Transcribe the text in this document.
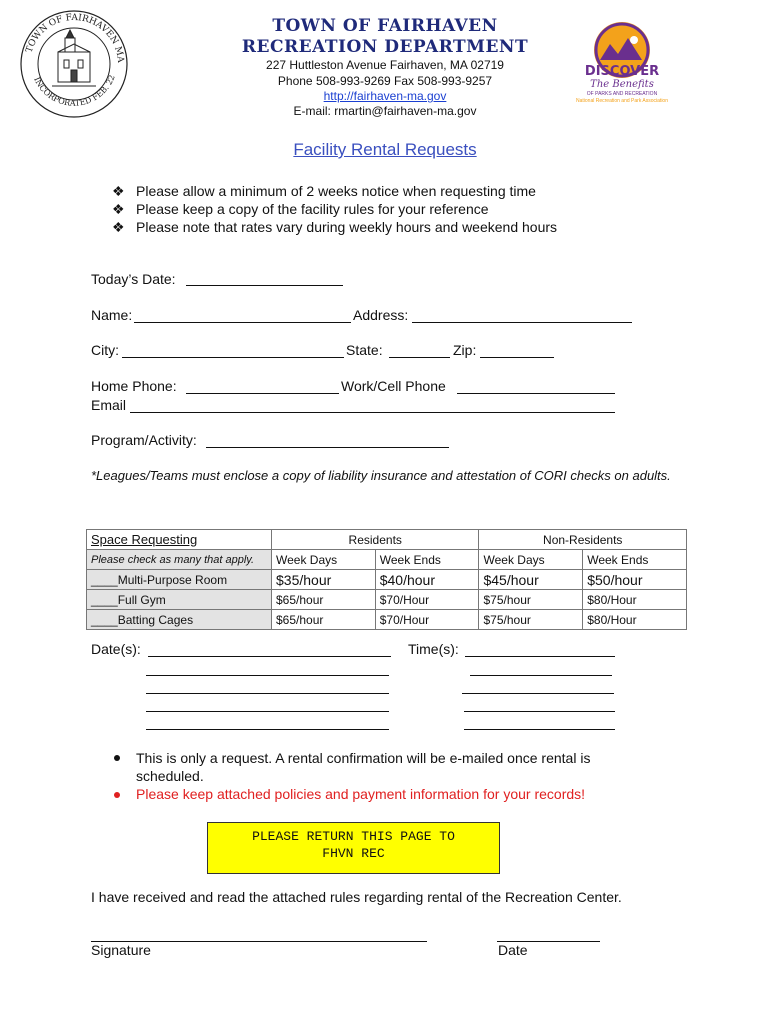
TOWN OF FAIRHAVEN MA
INCORPORATED FEB. 22
TOWN OF FAIRHAVEN
RECREATION DEPARTMENT
227 Huttleston Avenue Fairhaven, MA 02719
Phone 508-993-9269 Fax 508-993-9257
http://fairhaven-ma.gov
E-mail: rmartin@fairhaven-ma.gov
DISCOVER
The Benefits
OF PARKS AND RECREATION
National Recreation and Park Association
Facility Rental Requests
❖ Please allow a minimum of 2 weeks notice when requesting time
❖ Please keep a copy of the facility rules for your reference
❖ Please note that rates vary during weekly hours and weekend hours
Today’s Date:
Name:	Address:
City:	State:	Zip:
Home Phone:	Work/Cell Phone
Email
Program/Activity:
*Leagues/Teams must enclose a copy of liability insurance and attestation of CORI checks on adults.
Space Requesting	Residents		Non-Residents	
Please check as many that apply.	Week Days	Week Ends	Week Days	Week Ends
____Multi-Purpose Room	$35/hour	$40/hour	$45/hour	$50/hour
____Full Gym	$65/hour	$70/Hour	$75/hour	$80/Hour
____Batting Cages	$65/hour	$70/Hour	$75/hour	$80/Hour
Date(s):	Time(s):
This is only a request. A rental confirmation will be e-mailed once rental is scheduled.
Please keep attached policies and payment information for your records!
PLEASE RETURN THIS PAGE TO FHVN REC
I have received and read the attached rules regarding rental of the Recreation Center.
Signature	Date
